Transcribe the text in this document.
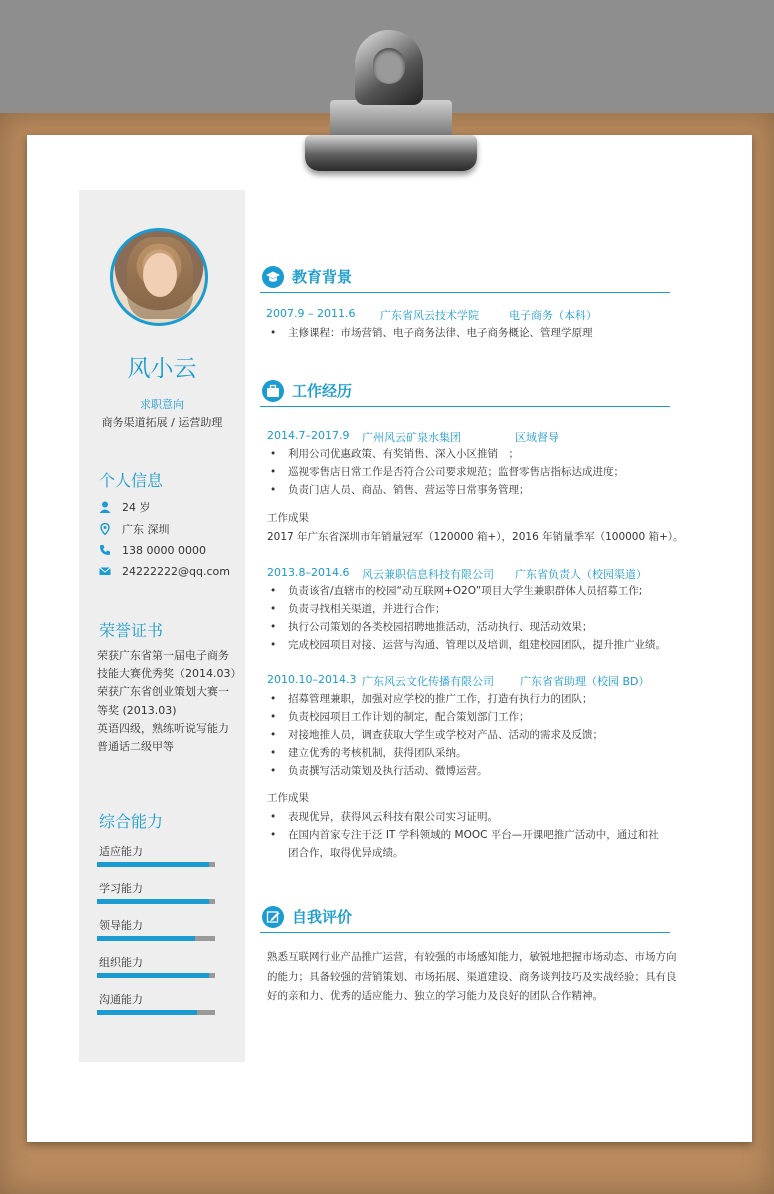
风小云
求职意向
商务渠道拓展 / 运营助理
个人信息
24 岁
广东 深圳
138 0000 0000
24222222@qq.com
荣誉证书
荣获广东省第一届电子商务
技能大赛优秀奖（2014.03）
荣获广东省创业策划大赛一
等奖 (2013.03)
英语四级，熟练听说写能力
普通话二级甲等
综合能力
适应能力
学习能力
领导能力
组织能力
沟通能力
教育背景
2007.9 – 2011.6 广东省风云技术学院	电子商务（本科）
• 主修课程：市场营销、电子商务法律、电子商务概论、管理学原理
工作经历
2014.7–2017.9 广州风云矿泉水集团	区域督导
• 利用公司优惠政策、有奖销售、深入小区推销　；
• 巡视零售店日常工作是否符合公司要求规范；监督零售店指标达成进度；
• 负责门店人员、商品、销售、营运等日常事务管理；
工作成果
2017 年广东省深圳市年销量冠军（120000 箱+），2016 年销量季军（100000 箱+）。
2013.8–2014.6 风云兼职信息科技有限公司 广东省负责人（校园渠道）
• 负责该省/直辖市的校园“动互联网+O2O”项目大学生兼职群体人员招募工作;
• 负责寻找相关渠道，并进行合作；
• 执行公司策划的各类校园招聘地推活动，活动执行、现活动效果；
• 完成校园项目对接、运营与沟通、管理以及培训，组建校园团队，提升推广业绩。
2010.10–2014.3 广东风云文化传播有限公司 广东省省助理（校园 BD）
• 招募管理兼职，加强对应学校的推广工作，打造有执行力的团队；
• 负责校园项目工作计划的制定，配合策划部门工作；
• 对接地推人员，调查获取大学生或学校对产品、活动的需求及反馈；
• 建立优秀的考核机制，获得团队采纳。
• 负责撰写活动策划及执行活动、微博运营。
工作成果
• 表现优异，获得风云科技有限公司实习证明。
• 在国内首家专注于泛 IT 学科领域的 MOOC 平台—开课吧推广活动中，通过和社
团合作，取得优异成绩。
自我评价
熟悉互联网行业产品推广运营，有较强的市场感知能力，敏锐地把握市场动态、市场方向
的能力；具备较强的营销策划、市场拓展、渠道建设、商务谈判技巧及实战经验；具有良
好的亲和力、优秀的适应能力、独立的学习能力及良好的团队合作精神。
